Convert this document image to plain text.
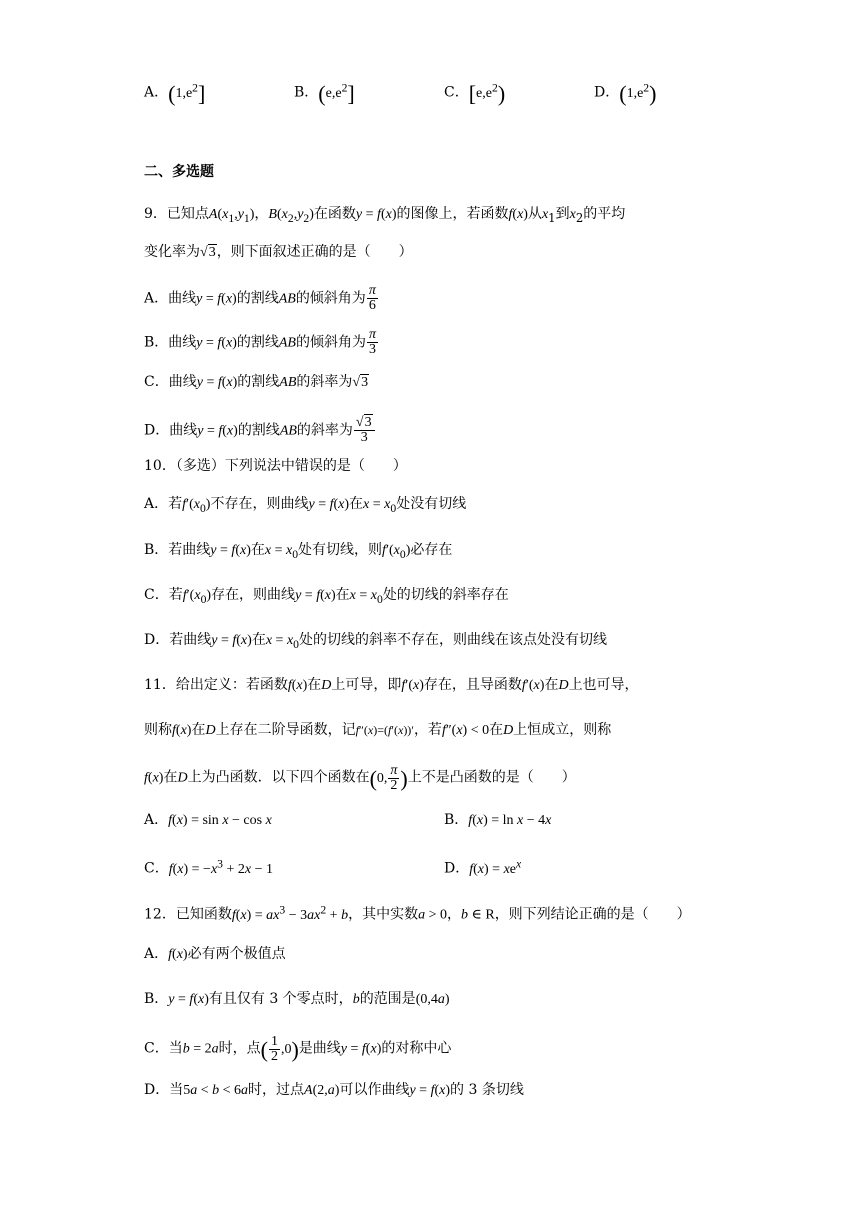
A．$(1,e^2]$	B．$(e,e^2]$	C．$[e,e^2)$	D．$(1,e^2)$
二、多选题
9．已知点$A(x_1,y_1)$，$B(x_2,y_2)$在函数y = f(x)的图像上，若函数f(x)从$x_1$到$x_2$的平均
变化率为√3，则下面叙述正确的是（　　）
A．曲线y = f(x)的割线AB的倾斜角为 $\frac{\pi}{6}$
B．曲线y = f(x)的割线AB的倾斜角为 $\frac{\pi}{3}$
C．曲线y = f(x)的割线AB的斜率为√3
D．曲线y = f(x)的割线AB的斜率为 $\frac{√3}{3}$
10．（多选）下列说法中错误的是（　　）
A．若$f'(x_0)$不存在，则曲线y = f(x)在$x = x_0$处没有切线
B．若曲线y = f(x)在$x = x_0$处有切线，则$f'(x_0)$必存在
C．若$f'(x_0)$存在，则曲线y = f(x)在$x = x_0$处的切线的斜率存在
D．若曲线y = f(x)在$x = x_0$处的切线的斜率不存在，则曲线在该点处没有切线
11．给出定义：若函数f(x)在D上可导，即f′(x)存在，且导函数f′(x)在D上也可导，
则称f(x)在D上存在二阶导函数，记f″(x)=(f′(x))′，若f″(x) < 0在D上恒成立，则称
f(x)在D上为凸函数．以下四个函数在(0, $\frac{\pi}{2}$ )上不是凸函数的是（　　）
A．f(x) = sin x − cos x	B．f(x) = ln x − 4x
C．$f(x) = -x^3 + 2x - 1$	D．$f(x) = xe^x$
12．已知函数$f(x) = ax^3 - 3ax^2 + b$，其中实数a > 0，b ∈ R，则下列结论正确的是（　　）
A．f(x)必有两个极值点
B．y = f(x)有且仅有 3 个零点时，b的范围是(0,4a)
C．当b = 2a时，点( $\frac{1}{2} ,0$)是曲线y = f(x)的对称中心
D．当5a < b < 6a时，过点A(2,a)可以作曲线y = f(x)的 3 条切线
